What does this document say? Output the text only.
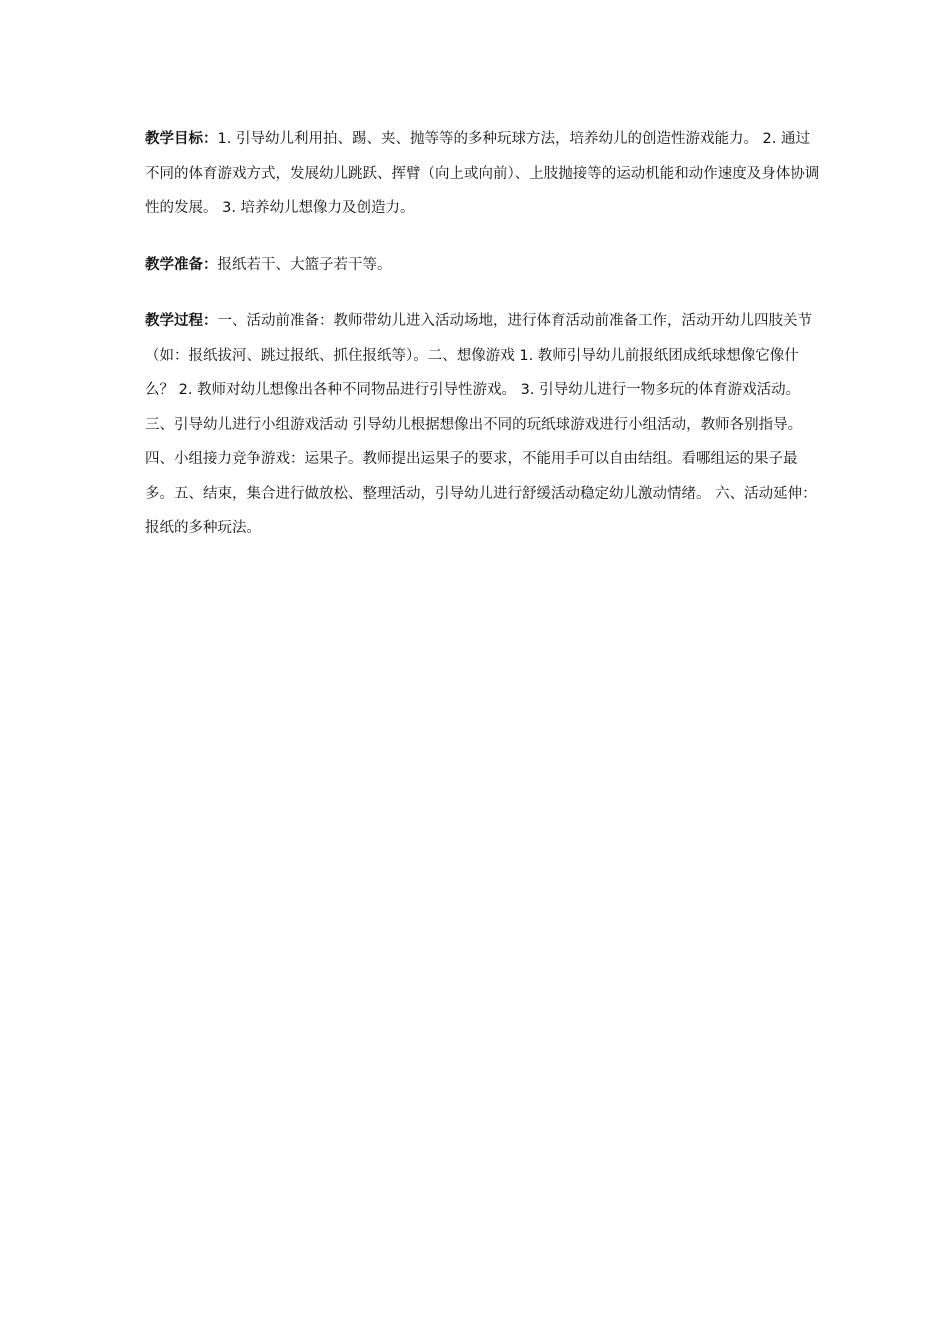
教学目标：1. 引导幼儿利用拍、踢、夹、抛等等的多种玩球方法，培养幼儿的创造性游戏能力。 2. 通过不同的体育游戏方式，发展幼儿跳跃、挥臂（向上或向前）、上肢抛接等的运动机能和动作速度及身体协调性的发展。 3. 培养幼儿想像力及创造力。

教学准备：报纸若干、大篮子若干等。

教学过程：一、活动前准备：教师带幼儿进入活动场地，进行体育活动前准备工作，活动开幼儿四肢关节（如：报纸拔河、跳过报纸、抓住报纸等）。二、想像游戏 1. 教师引导幼儿前报纸团成纸球想像它像什么？ 2. 教师对幼儿想像出各种不同物品进行引导性游戏。 3. 引导幼儿进行一物多玩的体育游戏活动。 三、引导幼儿进行小组游戏活动 引导幼儿根据想像出不同的玩纸球游戏进行小组活动，教师各别指导。四、小组接力竞争游戏：运果子。教师提出运果子的要求，不能用手可以自由结组。看哪组运的果子最多。五、结束，集合进行做放松、整理活动，引导幼儿进行舒缓活动稳定幼儿激动情绪。 六、活动延伸：报纸的多种玩法。
